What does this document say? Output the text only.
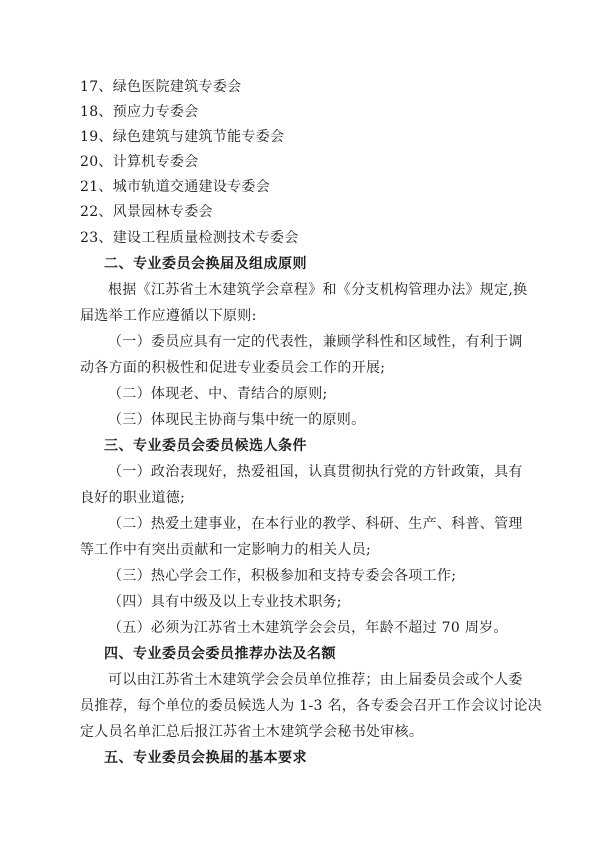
17、绿色医院建筑专委会
18、预应力专委会
19、绿色建筑与建筑节能专委会
20、计算机专委会
21、城市轨道交通建设专委会
22、风景园林专委会
23、建设工程质量检测技术专委会
二、专业委员会换届及组成原则
根据《江苏省土木建筑学会章程》和《分支机构管理办法》规定,换
届选举工作应遵循以下原则:
（一）委员应具有一定的代表性，兼顾学科性和区域性，有利于调
动各方面的积极性和促进专业委员会工作的开展;
（二）体现老、中、青结合的原则;
（三）体现民主协商与集中统一的原则。
三、专业委员会委员候选人条件
（一）政治表现好，热爱祖国，认真贯彻执行党的方针政策，具有
良好的职业道德;
（二）热爱土建事业，在本行业的教学、科研、生产、科普、管理
等工作中有突出贡献和一定影响力的相关人员;
（三）热心学会工作，积极参加和支持专委会各项工作;
（四）具有中级及以上专业技术职务;
（五）必须为江苏省土木建筑学会会员，年龄不超过 70 周岁。
四、专业委员会委员推荐办法及名额
可以由江苏省土木建筑学会会员单位推荐；由上届委员会或个人委
员推荐，每个单位的委员候选人为 1-3 名，各专委会召开工作会议讨论决
定人员名单汇总后报江苏省土木建筑学会秘书处审核。
五、专业委员会换届的基本要求
